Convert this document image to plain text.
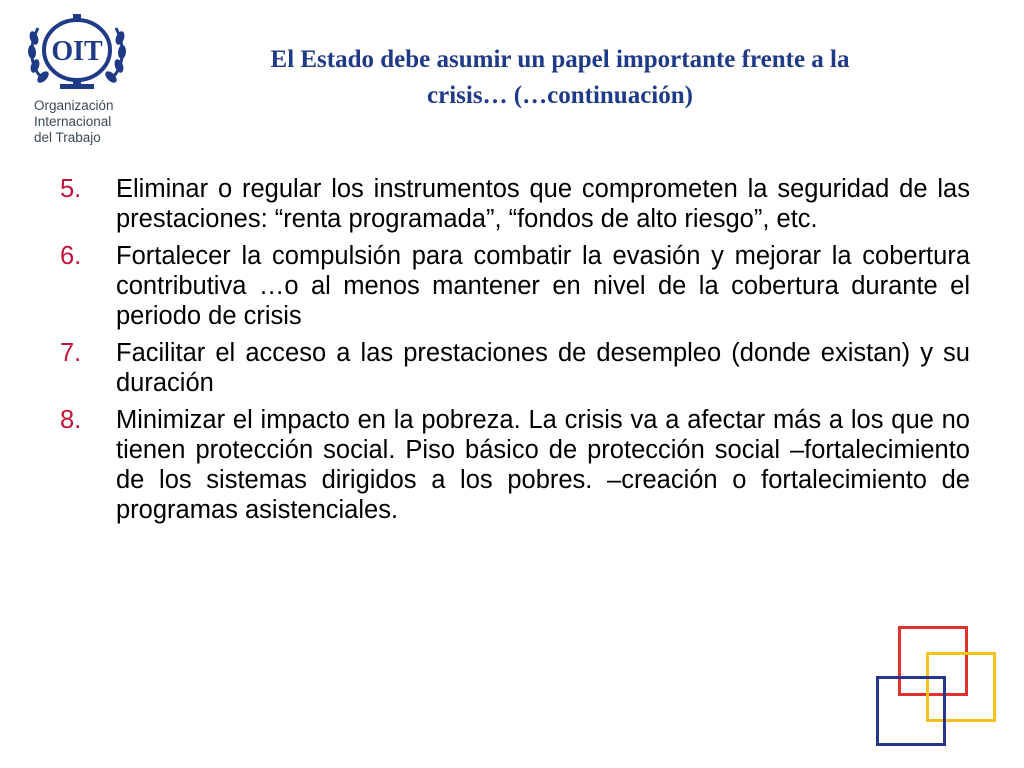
OIT
Organización
Internacional
del Trabajo
El Estado debe asumir un papel importante frente a la
crisis… (…continuación)
5. Eliminar o regular los instrumentos que comprometen la seguridad de las prestaciones: “renta programada”, “fondos de alto riesgo”, etc.
6. Fortalecer la compulsión para combatir la evasión y mejorar la cobertura contributiva …o al menos mantener en nivel de la cobertura durante el periodo de crisis
7. Facilitar el acceso a las prestaciones de desempleo (donde existan) y su duración
8. Minimizar el impacto en la pobreza. La crisis va a afectar más a los que no tienen protección social. Piso básico de protección social –fortalecimiento de los sistemas dirigidos a los pobres. –creación o fortalecimiento de programas asistenciales.
